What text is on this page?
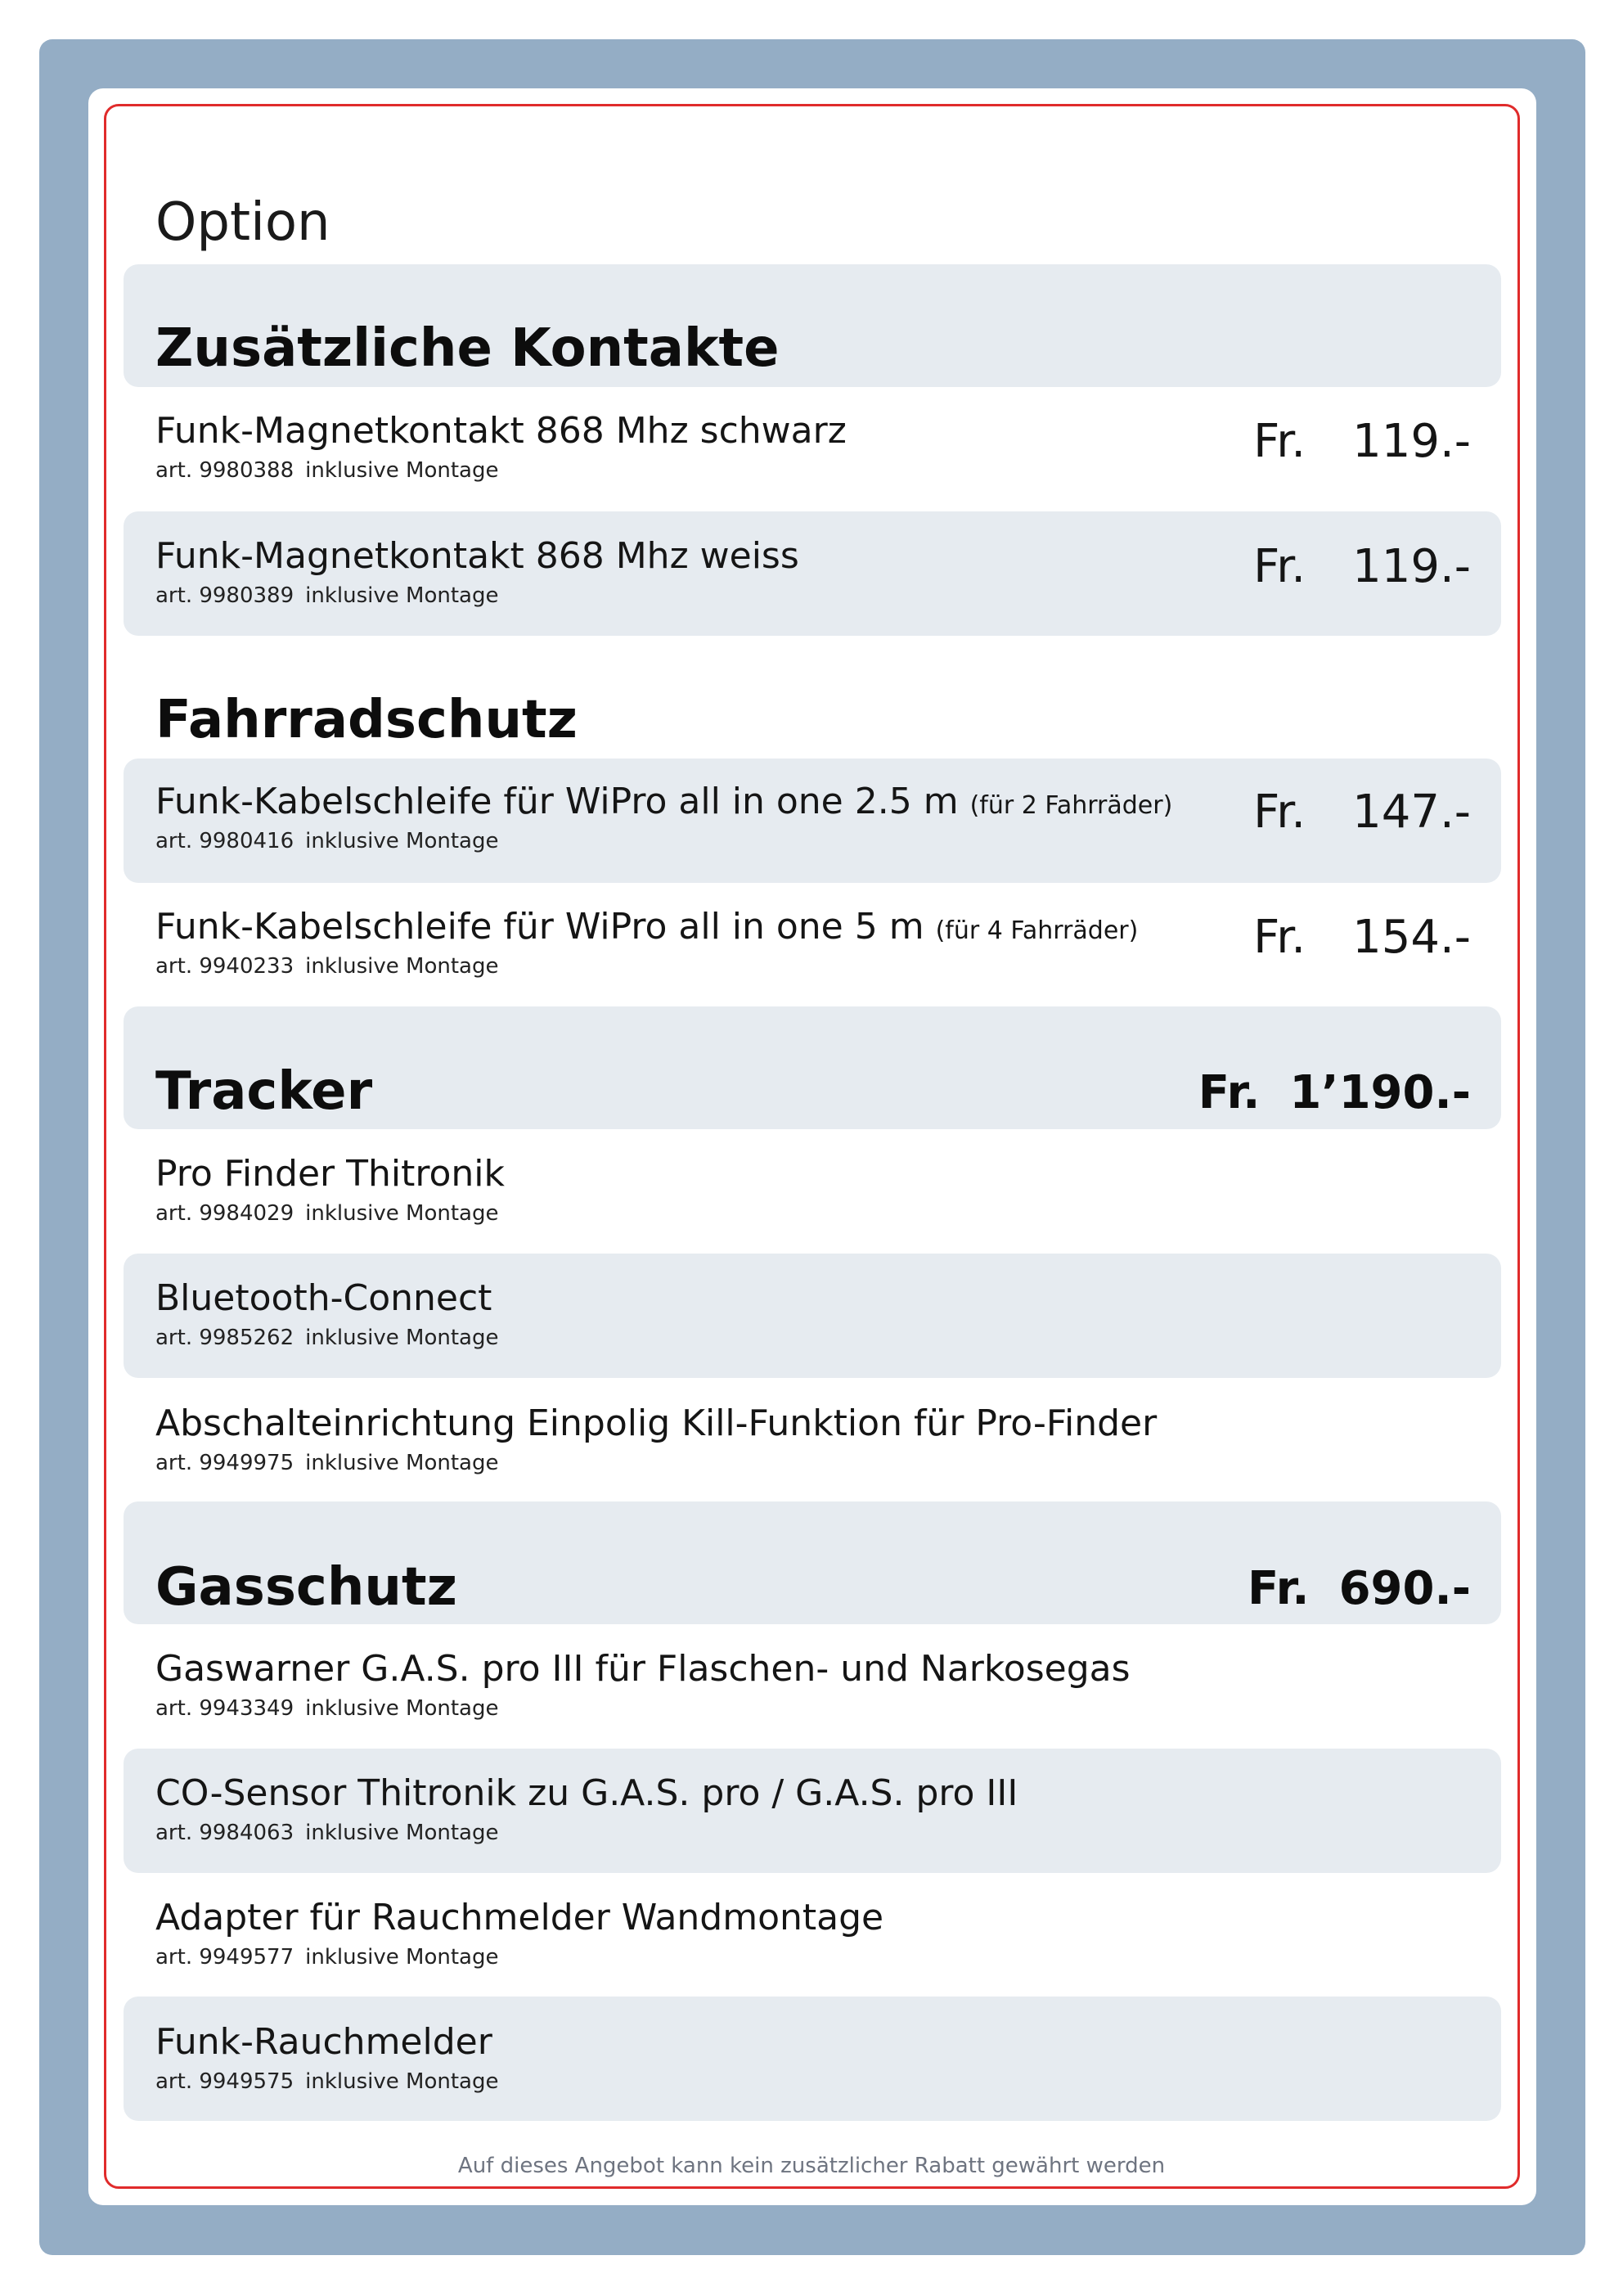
Option
Zusätzliche Kontakte
Funk-Magnetkontakt 868 Mhz schwarz
art. 9980388 inklusive Montage
Fr. 119.-
Funk-Magnetkontakt 868 Mhz weiss
art. 9980389 inklusive Montage
Fr. 119.-
Fahrradschutz
Funk-Kabelschleife für WiPro all in one 2.5 m (für 2 Fahrräder)
art. 9980416 inklusive Montage
Fr. 147.-
Funk-Kabelschleife für WiPro all in one 5 m (für 4 Fahrräder)
art. 9940233 inklusive Montage
Fr. 154.-
Tracker	Fr. 1’190.-
Pro Finder Thitronik
art. 9984029 inklusive Montage
Bluetooth-Connect
art. 9985262 inklusive Montage
Abschalteinrichtung Einpolig Kill-Funktion für Pro-Finder
art. 9949975 inklusive Montage
Gasschutz	Fr. 690.-
Gaswarner G.A.S. pro III für Flaschen- und Narkosegas
art. 9943349 inklusive Montage
CO-Sensor Thitronik zu G.A.S. pro / G.A.S. pro III
art. 9984063 inklusive Montage
Adapter für Rauchmelder Wandmontage
art. 9949577 inklusive Montage
Funk-Rauchmelder
art. 9949575 inklusive Montage
Auf dieses Angebot kann kein zusätzlicher Rabatt gewährt werden
